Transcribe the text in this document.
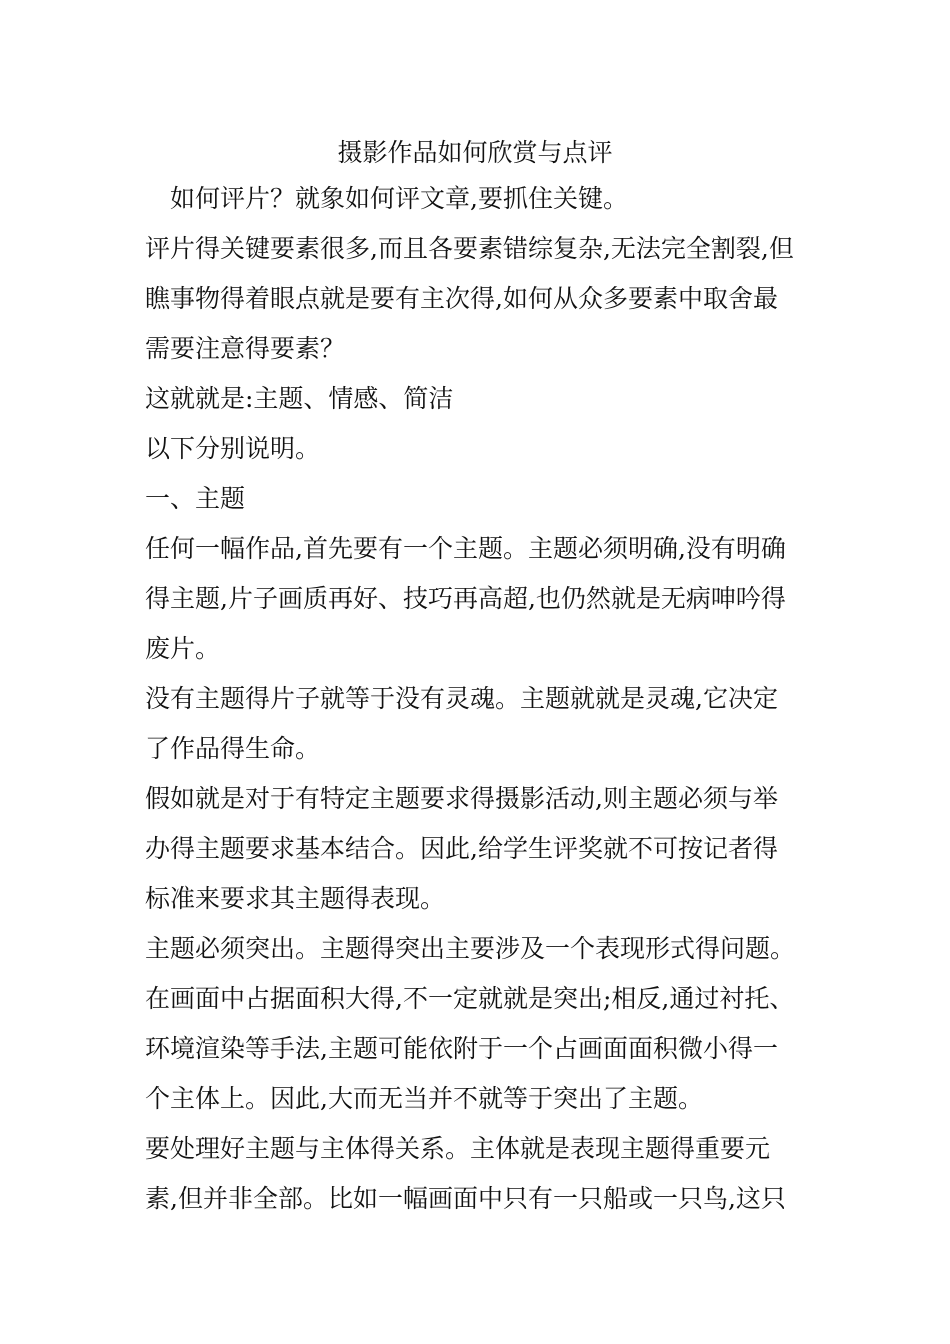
摄影作品如何欣赏与点评
如何评片？就象如何评文章,要抓住关键。
评片得关键要素很多,而且各要素错综复杂,无法完全割裂,但
瞧事物得着眼点就是要有主次得,如何从众多要素中取舍最
需要注意得要素？
这就就是:主题、情感、简洁
以下分别说明。
一、主题
任何一幅作品,首先要有一个主题。主题必须明确,没有明确
得主题,片子画质再好、技巧再高超,也仍然就是无病呻吟得
废片。
没有主题得片子就等于没有灵魂。主题就就是灵魂,它决定
了作品得生命。
假如就是对于有特定主题要求得摄影活动,则主题必须与举
办得主题要求基本结合。因此,给学生评奖就不可按记者得
标准来要求其主题得表现。
主题必须突出。主题得突出主要涉及一个表现形式得问题。
在画面中占据面积大得,不一定就就是突出;相反,通过衬托、
环境渲染等手法,主题可能依附于一个占画面面积微小得一
个主体上。因此,大而无当并不就等于突出了主题。
要处理好主题与主体得关系。主体就是表现主题得重要元
素,但并非全部。比如一幅画面中只有一只船或一只鸟,这只
